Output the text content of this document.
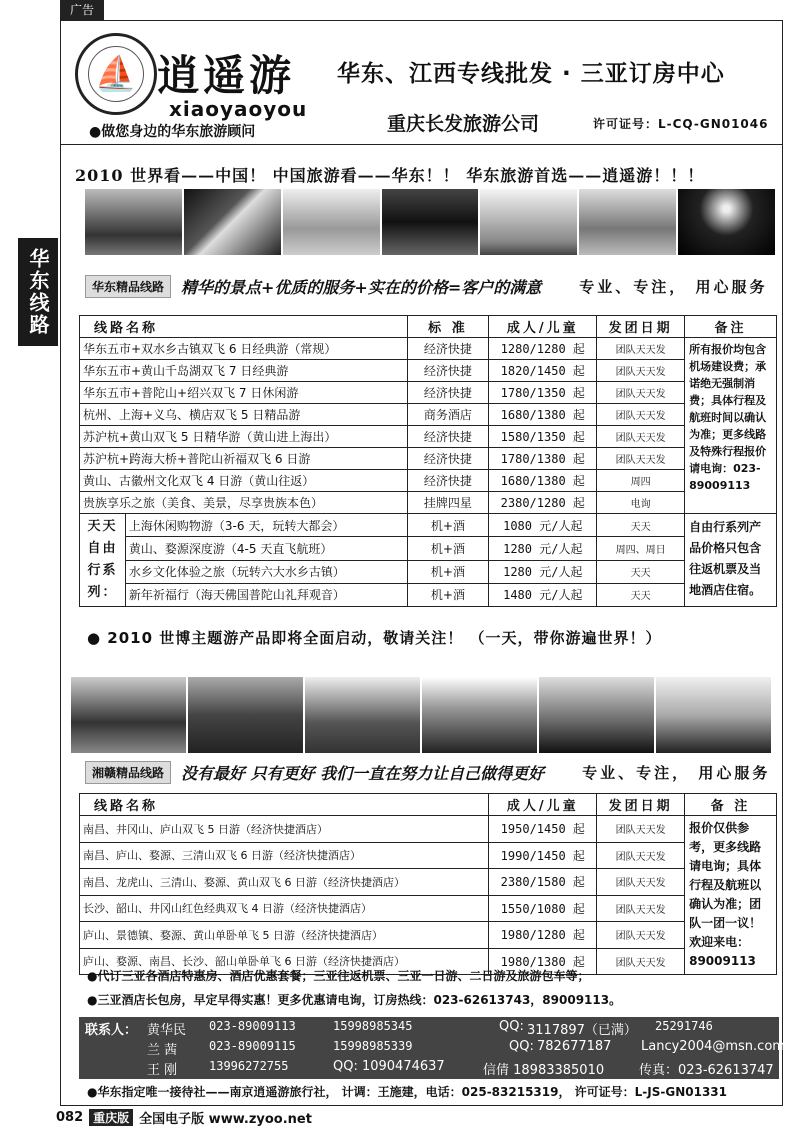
广告
华东线路
⛵ 逍遥游
xiaoyaoyou
●做您身边的华东旅游顾问
华东、江西专线批发 · 三亚订房中心
重庆长发旅游公司	许可证号：L-CQ-GN01046
2010 世界看——中国！ 中国旅游看——华东！！ 华东旅游首选——逍遥游！！！
华东精品线路	精华的景点+优质的服务+实在的价格=客户的满意	专业、专注， 用心服务
线路名称		标 准	成人/儿童	发团日期	备注
华东五市+双水乡古镇双飞 6 日经典游（常规）		经济快捷	1280/1280 起	团队天天发	所有报价均包含机场建设费；承诺绝无强制消费；具体行程及航班时间以确认为准；更多线路及特殊行程报价请电询：023-89009113
华东五市+黄山千岛湖双飞 7 日经典游		经济快捷	1820/1450 起	团队天天发	
华东五市+普陀山+绍兴双飞 7 日休闲游		经济快捷	1780/1350 起	团队天天发	
杭州、上海+义乌、横店双飞 5 日精品游		商务酒店	1680/1380 起	团队天天发	
苏沪杭+黄山双飞 5 日精华游（黄山进上海出）		经济快捷	1580/1350 起	团队天天发	
苏沪杭+跨海大桥+普陀山祈福双飞 6 日游		经济快捷	1780/1380 起	团队天天发	
黄山、古徽州文化双飞 4 日游（黄山往返）		经济快捷	1680/1380 起	周四	
贵族享乐之旅（美食、美景，尽享贵族本色）		挂牌四星	2380/1280 起	电询	
天天自由行系列：	上海休闲购物游（3-6 天，玩转大都会）	机+酒	1080 元/人起	天天	自由行系列产品价格只包含往返机票及当地酒店住宿。
	黄山、婺源深度游（4-5 天直飞航班）	机+酒	1280 元/人起	周四、周日	
	水乡文化体验之旅（玩转六大水乡古镇）	机+酒	1280 元/人起	天天	
	新年祈福行（海天佛国普陀山礼拜观音）	机+酒	1480 元/人起	天天	
● 2010 世博主题游产品即将全面启动，敬请关注！ （一天，带你游遍世界！）
湘赣精品线路	没有最好 只有更好 我们一直在努力让自己做得更好	专业、专注， 用心服务
线路名称	成人/儿童	发团日期	备 注
南昌、井冈山、庐山双飞 5 日游（经济快捷酒店）	1950/1450 起	团队天天发	报价仅供参考，更多线路请电询；具体行程及航班以确认为准；团队一团一议！欢迎来电：89009113
南昌、庐山、婺源、三清山双飞 6 日游（经济快捷酒店）	1990/1450 起	团队天天发	
南昌、龙虎山、三清山、婺源、黄山双飞 6 日游（经济快捷酒店）	2380/1580 起	团队天天发	
长沙、韶山、井冈山红色经典双飞 4 日游（经济快捷酒店）	1550/1080 起	团队天天发	
庐山、景德镇、婺源、黄山单卧单飞 5 日游（经济快捷酒店）	1980/1280 起	团队天天发	
庐山、婺源、南昌、长沙、韶山单卧单飞 6 日游（经济快捷酒店）	1980/1380 起	团队天天发	
●代订三亚各酒店特惠房、酒店优惠套餐；三亚往返机票、三亚一日游、二日游及旅游包车等；
●三亚酒店长包房，早定早得实惠！更多优惠请电询，订房热线：023-62613743，89009113。
联系人： 黄华民 023-89009113	15998985345	QQ: 3117897（已满） 25291746
兰 茜	023-89009115	15998985339	QQ: 782677187 Lancy2004@msn.com
王 刚	13996272755	QQ: 1090474637	信倩 18983385010	传真：023-62613747
●华东指定唯一接待社——南京逍遥游旅行社， 计调：王施建，电话：025-83215319， 许可证号：L-JS-GN01331
082 重庆版 全国电子版 www.zyoo.net
